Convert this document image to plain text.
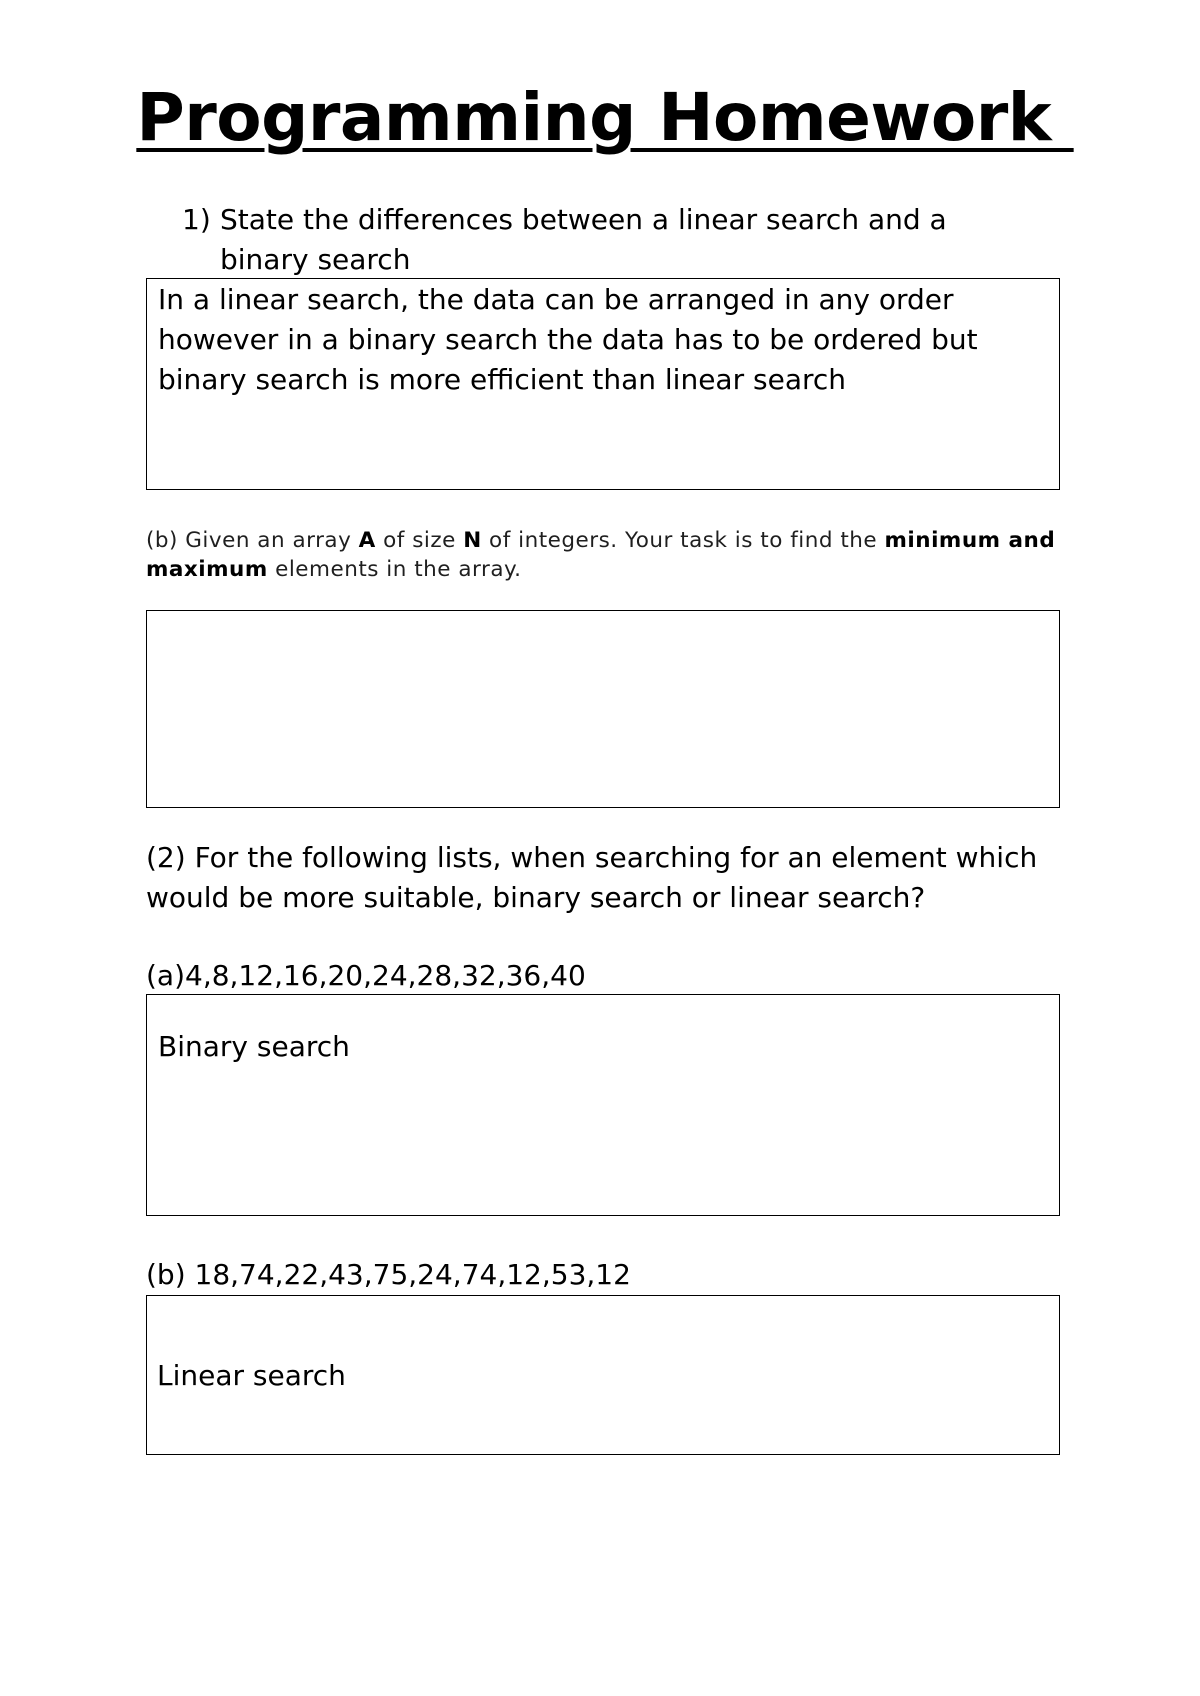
Programming Homework
1) State the differences between a linear search and a binary search
In a linear search, the data can be arranged in any order however in a binary search the data has to be ordered but binary search is more efficient than linear search
(b) Given an array A of size N of integers. Your task is to find the minimum and maximum elements in the array.
(2) For the following lists, when searching for an element which would be more suitable, binary search or linear search?
(a)4,8,12,16,20,24,28,32,36,40
Binary search
(b) 18,74,22,43,75,24,74,12,53,12
Linear search
